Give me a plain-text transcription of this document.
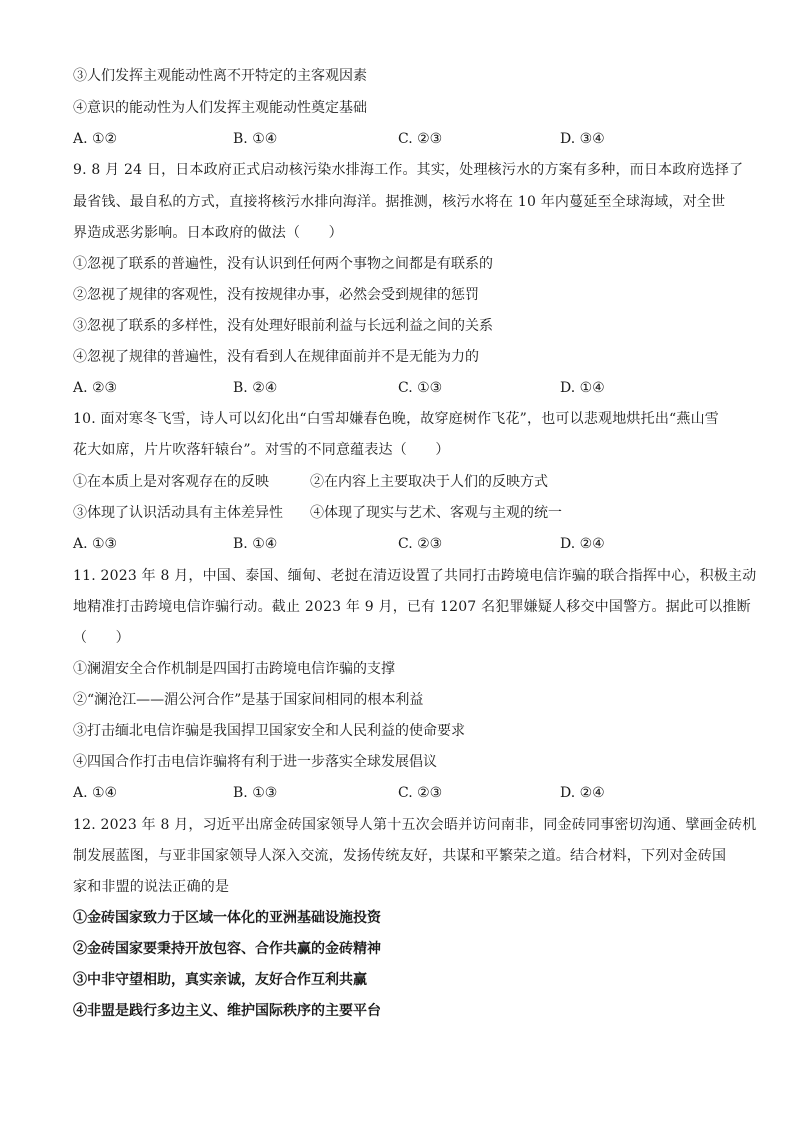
③人们发挥主观能动性离不开特定的主客观因素
④意识的能动性为人们发挥主观能动性奠定基础
A. ①②	B. ①④	C. ②③	D. ③④
9. 8 月 24 日，日本政府正式启动核污染水排海工作。其实，处理核污水的方案有多种，而日本政府选择了
最省钱、最自私的方式，直接将核污水排向海洋。据推测，核污水将在 10 年内蔓延至全球海域，对全世
界造成恶劣影响。日本政府的做法（　　）
①忽视了联系的普遍性，没有认识到任何两个事物之间都是有联系的
②忽视了规律的客观性，没有按规律办事，必然会受到规律的惩罚
③忽视了联系的多样性，没有处理好眼前利益与长远利益之间的关系
④忽视了规律的普遍性，没有看到人在规律面前并不是无能为力的
A. ②③	B. ②④	C. ①③	D. ①④
10. 面对寒冬飞雪，诗人可以幻化出“白雪却嫌春色晚，故穿庭树作飞花”，也可以悲观地烘托出“燕山雪
花大如席，片片吹落轩辕台”。对雪的不同意蕴表达（　　）
①在本质上是对客观存在的反映	②在内容上主要取决于人们的反映方式
③体现了认识活动具有主体差异性 ④体现了现实与艺术、客观与主观的统一
A. ①③	B. ①④	C. ②③	D. ②④
11. 2023 年 8 月，中国、泰国、缅甸、老挝在清迈设置了共同打击跨境电信诈骗的联合指挥中心，积极主动
地精准打击跨境电信诈骗行动。截止 2023 年 9 月，已有 1207 名犯罪嫌疑人移交中国警方。据此可以推断
（　　）
①澜湄安全合作机制是四国打击跨境电信诈骗的支撑
②“澜沧江——湄公河合作”是基于国家间相同的根本利益
③打击缅北电信诈骗是我国捍卫国家安全和人民利益的使命要求
④四国合作打击电信诈骗将有利于进一步落实全球发展倡议
A. ①④	B. ①③	C. ②③	D. ②④
12. 2023 年 8 月，习近平出席金砖国家领导人第十五次会晤并访问南非，同金砖同事密切沟通、擘画金砖机
制发展蓝图，与亚非国家领导人深入交流，发扬传统友好，共谋和平繁荣之道。结合材料，下列对金砖国
家和非盟的说法正确的是
①金砖国家致力于区域一体化的亚洲基础设施投资
②金砖国家要秉持开放包容、合作共赢的金砖精神
③中非守望相助，真实亲诚，友好合作互利共赢
④非盟是践行多边主义、维护国际秩序的主要平台
